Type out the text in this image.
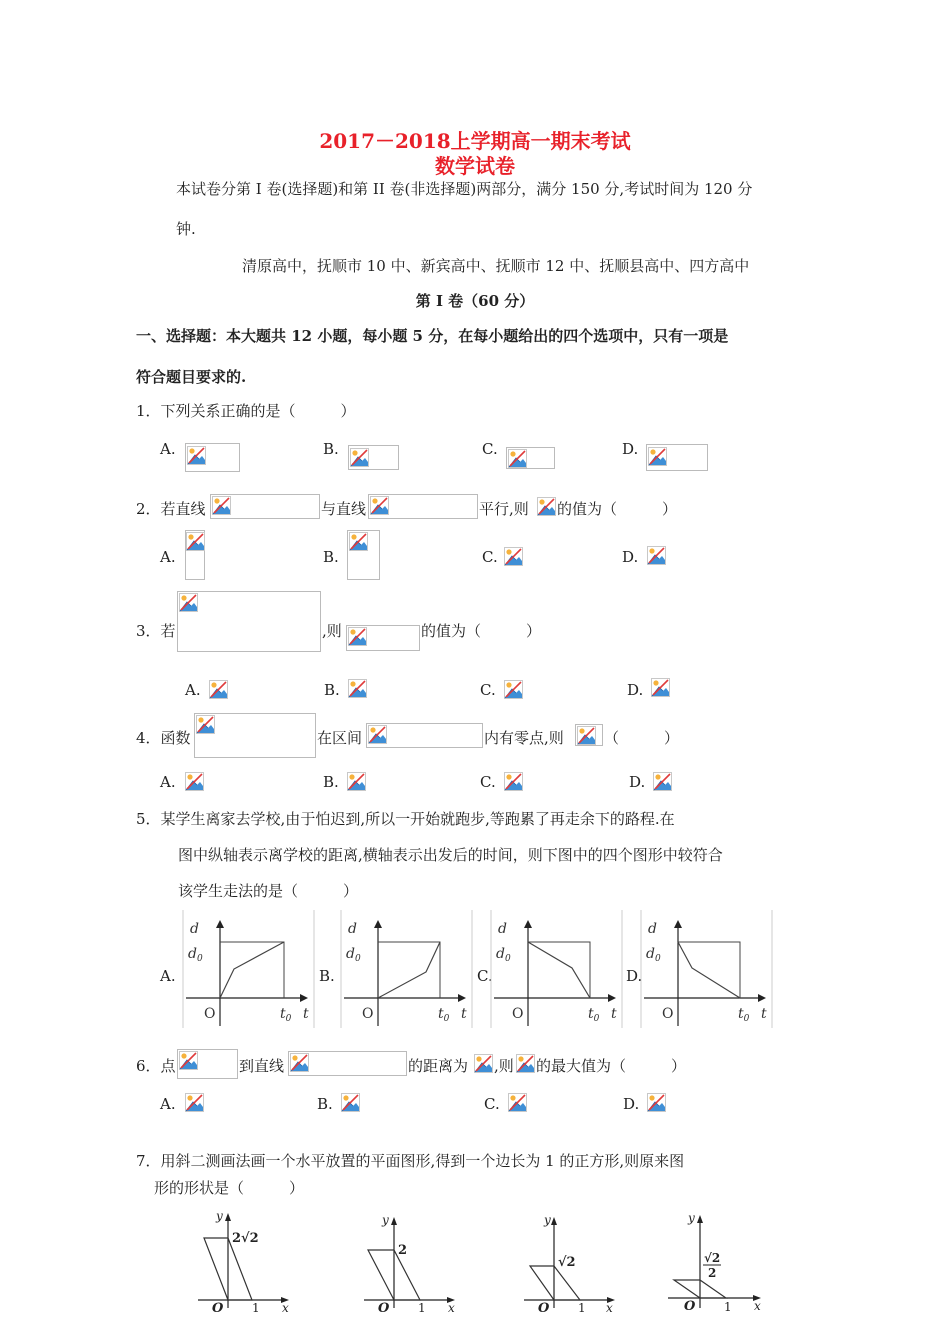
2017－2018上学期高一期末考试
数学试卷
本试卷分第 I 卷(选择题)和第 II 卷(非选择题)两部分，满分 150 分,考试时间为 120 分
钟.
清原高中，抚顺市 10 中、新宾高中、抚顺市 12 中、抚顺县高中、四方高中
第 I 卷（60 分）
一、选择题：本大题共 12 小题，每小题 5 分，在每小题给出的四个选项中，只有一项是
符合题目要求的.
1．下列关系正确的是（　　　）
A.	B.	C.	D.
2．若直线	与直线	平行,则 的值为（　　　）
A.	B.	C.	D.
3．若	,则	的值为（　　　）
A.	B.	C.	D.
4．函数	在区间	内有零点,则	（　　　）
A.	B.	C.	D.
5．某学生离家去学校,由于怕迟到,所以一开始就跑步,等跑累了再走余下的路程.在
图中纵轴表示离学校的距离,横轴表示出发后的时间，则下图中的四个图形中较符合
该学生走法的是（　　　）
A.	B.	C.	D.
d
$d_0$
O	$t_0$ t
d
$d_0$
O	$t_0$ t
d
$d_0$
O	$t_0$ t
d
$d_0$
O	$t_0$ t
6．点	到直线	的距离为 ,则 的最大值为（　　　）
A.	B.	C.	D.
7．用斜二测画法画一个水平放置的平面图形,得到一个边长为 1 的正方形,则原来图
形的形状是（　　　）
y
2√2
O 1 x
y
2
O 1 x
y
√2
O 1 x
y
√2
2
O 1 x
